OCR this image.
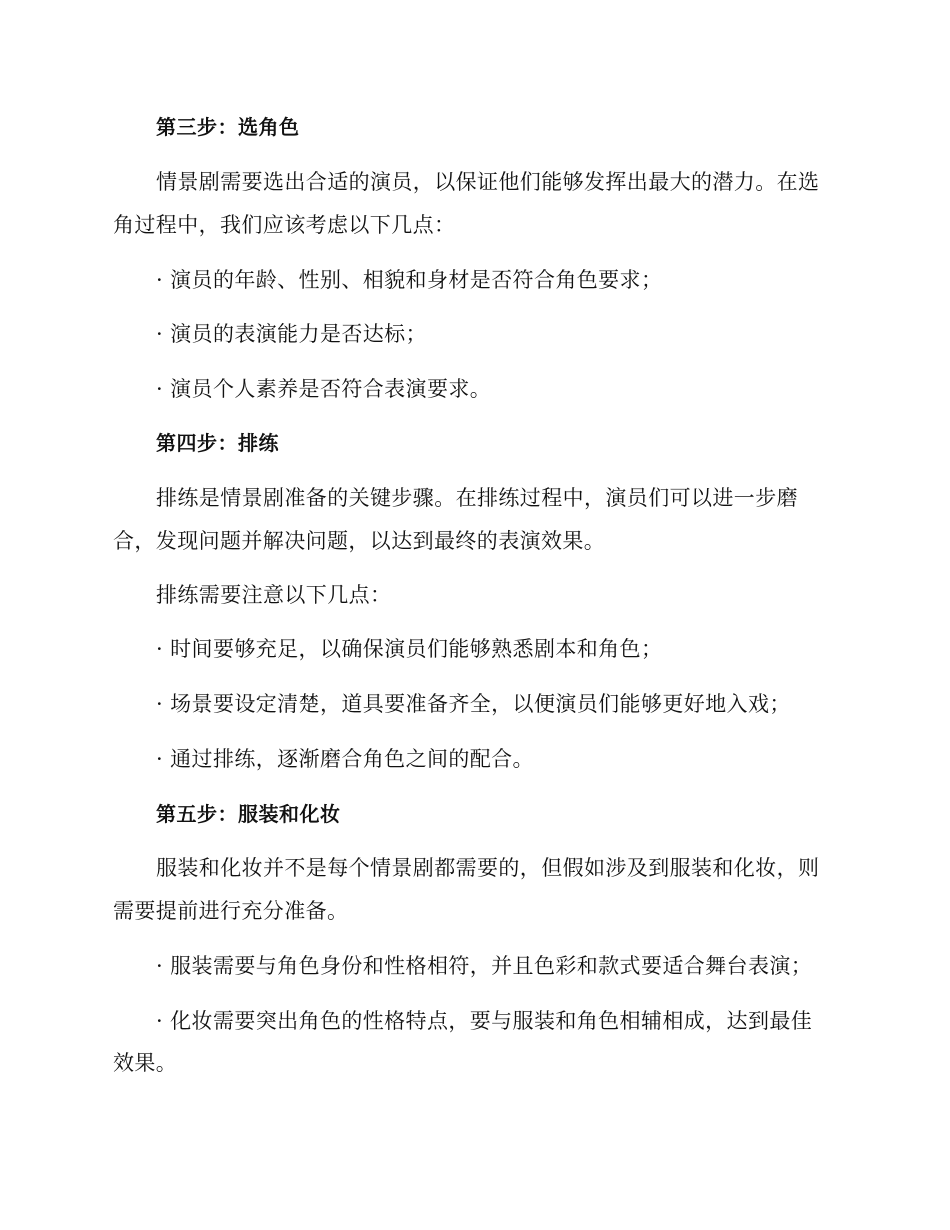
第三步：选角色
情景剧需要选出合适的演员，以保证他们能够发挥出最大的潜力。在选
角过程中，我们应该考虑以下几点：
· 演员的年龄、性别、相貌和身材是否符合角色要求；
· 演员的表演能力是否达标；
· 演员个人素养是否符合表演要求。
第四步：排练
排练是情景剧准备的关键步骤。在排练过程中，演员们可以进一步磨
合，发现问题并解决问题，以达到最终的表演效果。
排练需要注意以下几点：
· 时间要够充足，以确保演员们能够熟悉剧本和角色；
· 场景要设定清楚，道具要准备齐全，以便演员们能够更好地入戏；
· 通过排练，逐渐磨合角色之间的配合。
第五步：服装和化妆
服装和化妆并不是每个情景剧都需要的，但假如涉及到服装和化妆，则
需要提前进行充分准备。
· 服装需要与角色身份和性格相符，并且色彩和款式要适合舞台表演；
· 化妆需要突出角色的性格特点，要与服装和角色相辅相成，达到最佳
效果。
